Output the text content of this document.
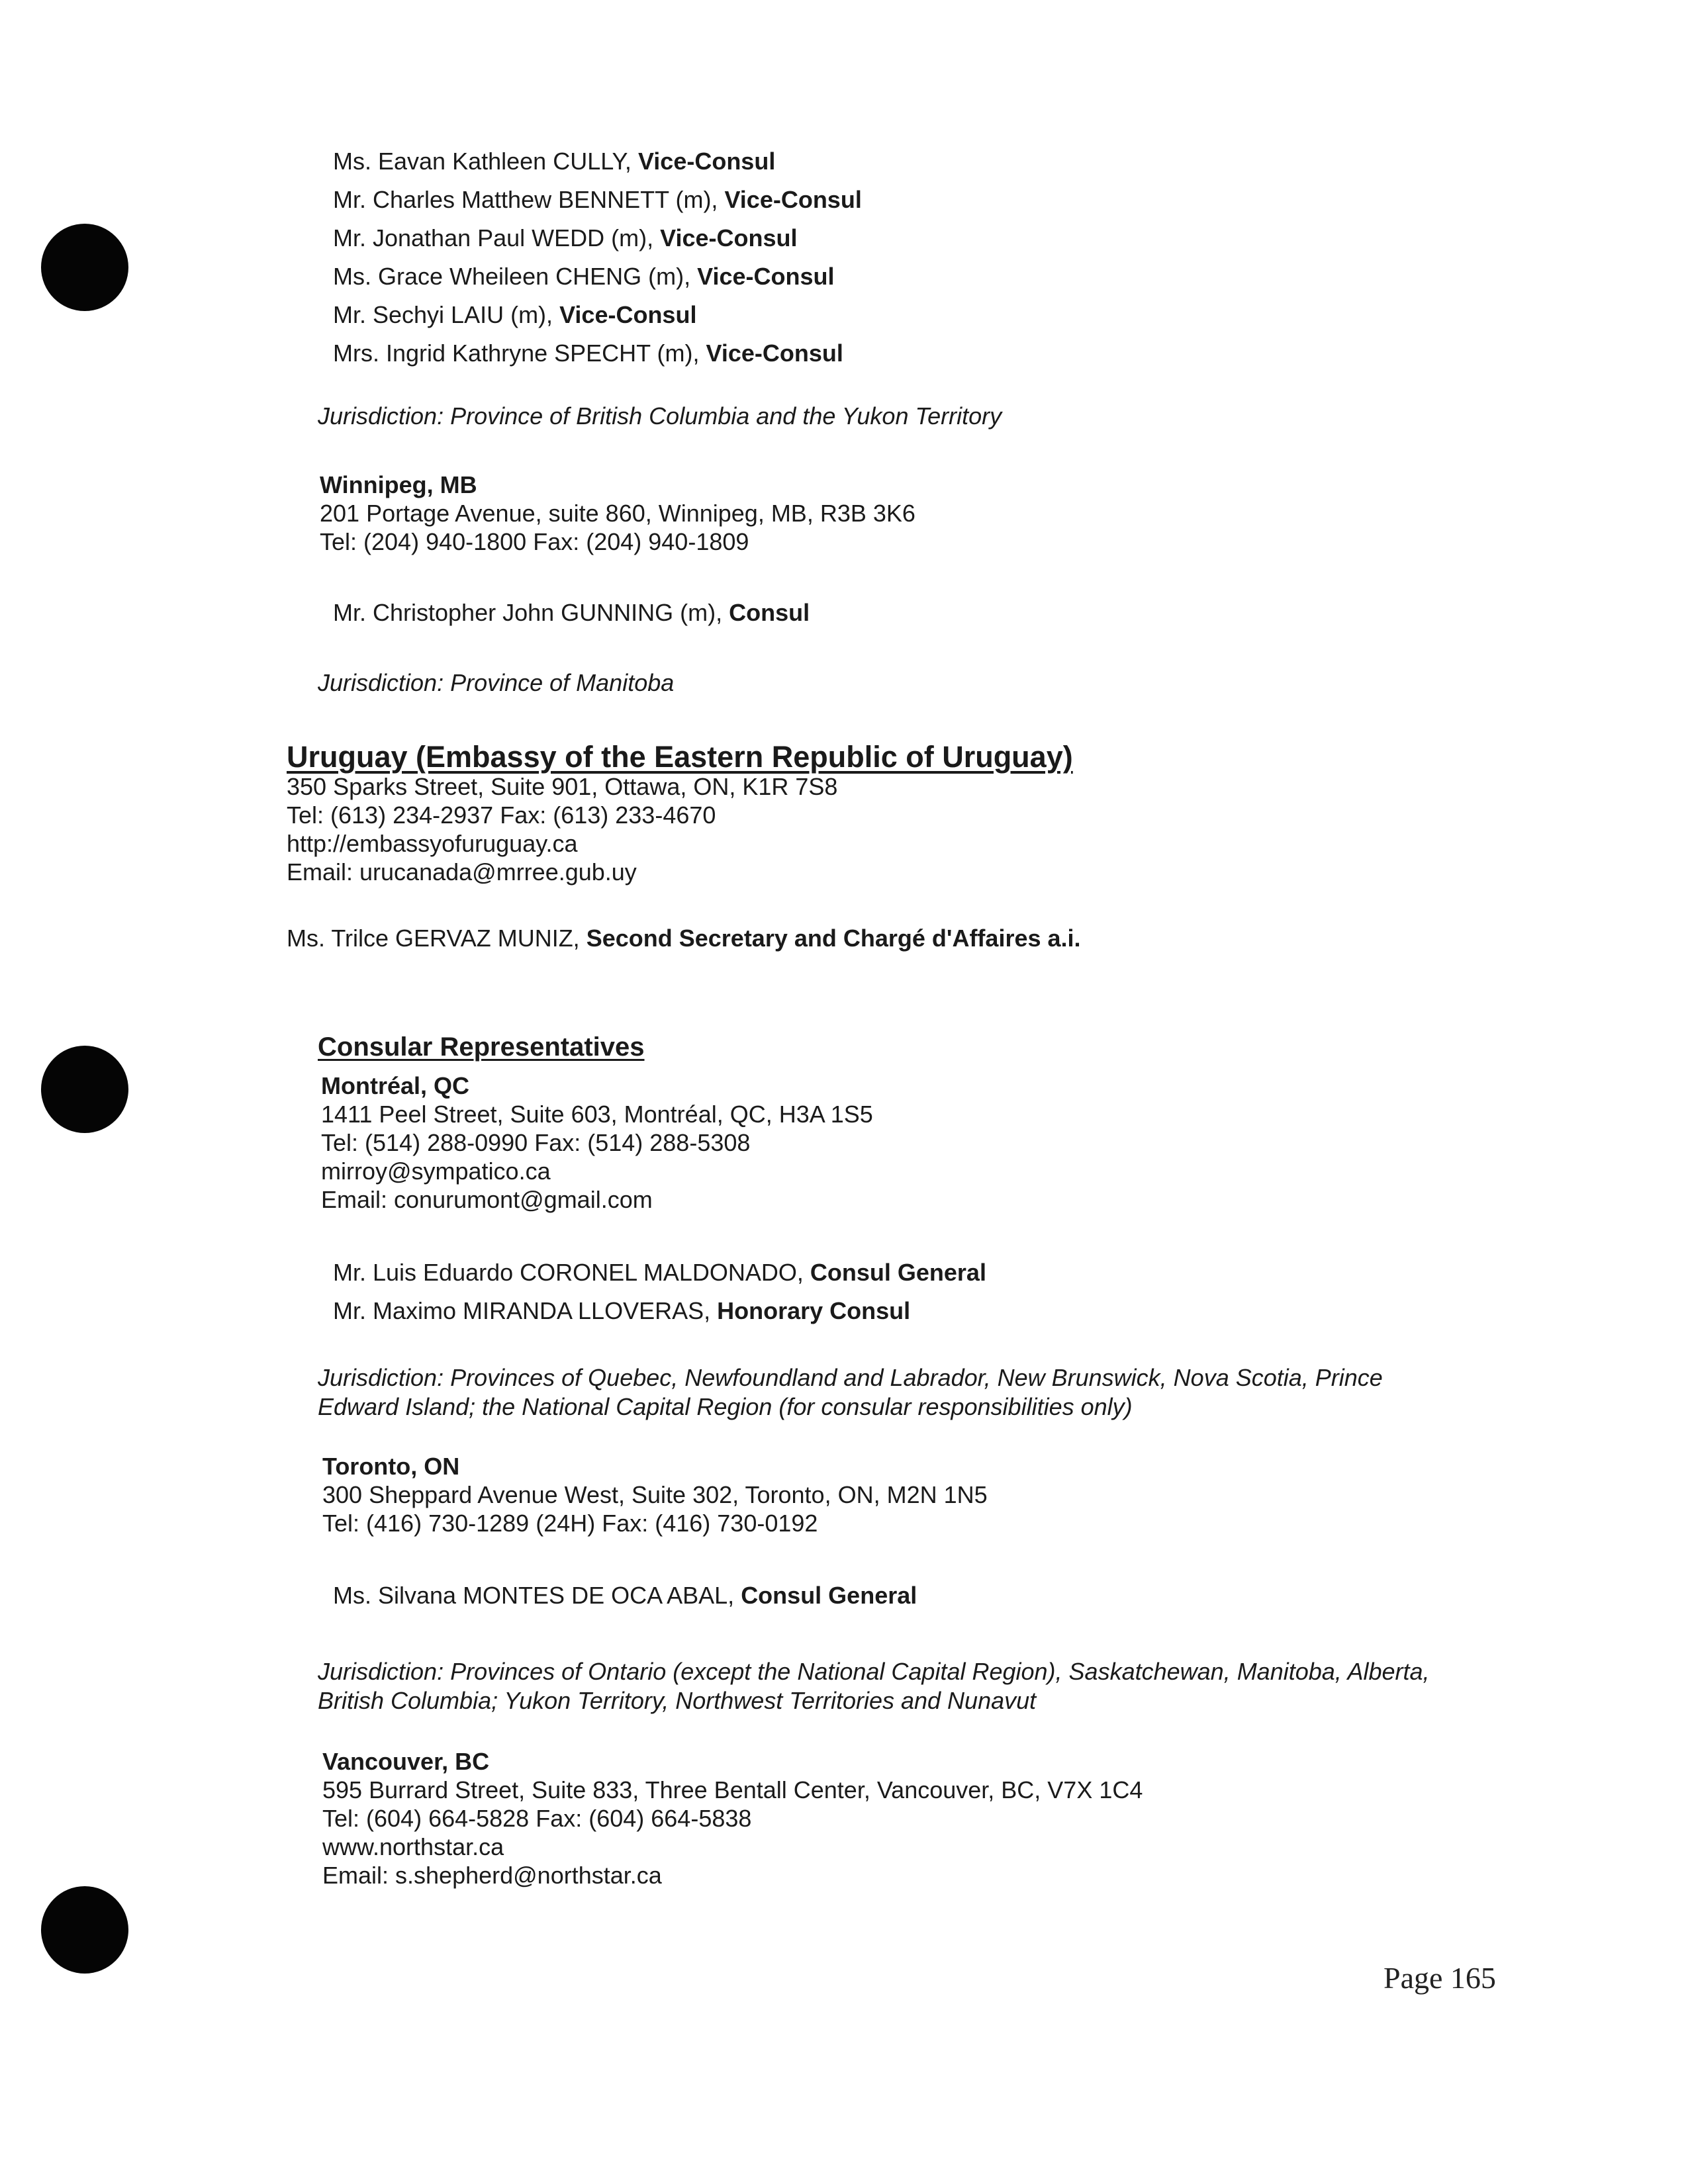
Ms. Eavan Kathleen CULLY, Vice-Consul
Mr. Charles Matthew BENNETT (m), Vice-Consul
Mr. Jonathan Paul WEDD (m), Vice-Consul
Ms. Grace Wheileen CHENG (m), Vice-Consul
Mr. Sechyi LAIU (m), Vice-Consul
Mrs. Ingrid Kathryne SPECHT (m), Vice-Consul
Jurisdiction: Province of British Columbia and the Yukon Territory
Winnipeg, MB
201 Portage Avenue, suite 860, Winnipeg, MB, R3B 3K6
Tel: (204) 940-1800 Fax: (204) 940-1809
Mr. Christopher John GUNNING (m), Consul
Jurisdiction: Province of Manitoba
Uruguay (Embassy of the Eastern Republic of Uruguay)
350 Sparks Street, Suite 901, Ottawa, ON, K1R 7S8
Tel: (613) 234-2937 Fax: (613) 233-4670
http://embassyofuruguay.ca
Email: urucanada@mrree.gub.uy
Ms. Trilce GERVAZ MUNIZ, Second Secretary and Chargé d'Affaires a.i.
Consular Representatives
Montréal, QC
1411 Peel Street, Suite 603, Montréal, QC, H3A 1S5
Tel: (514) 288-0990 Fax: (514) 288-5308
mirroy@sympatico.ca
Email: conurumont@gmail.com
Mr. Luis Eduardo CORONEL MALDONADO, Consul General
Mr. Maximo MIRANDA LLOVERAS, Honorary Consul
Jurisdiction: Provinces of Quebec, Newfoundland and Labrador, New Brunswick, Nova Scotia, Prince
Edward Island; the National Capital Region (for consular responsibilities only)
Toronto, ON
300 Sheppard Avenue West, Suite 302, Toronto, ON, M2N 1N5
Tel: (416) 730-1289 (24H) Fax: (416) 730-0192
Ms. Silvana MONTES DE OCA ABAL, Consul General
Jurisdiction: Provinces of Ontario (except the National Capital Region), Saskatchewan, Manitoba, Alberta,
British Columbia; Yukon Territory, Northwest Territories and Nunavut
Vancouver, BC
595 Burrard Street, Suite 833, Three Bentall Center, Vancouver, BC, V7X 1C4
Tel: (604) 664-5828 Fax: (604) 664-5838
www.northstar.ca
Email: s.shepherd@northstar.ca
Page 165
